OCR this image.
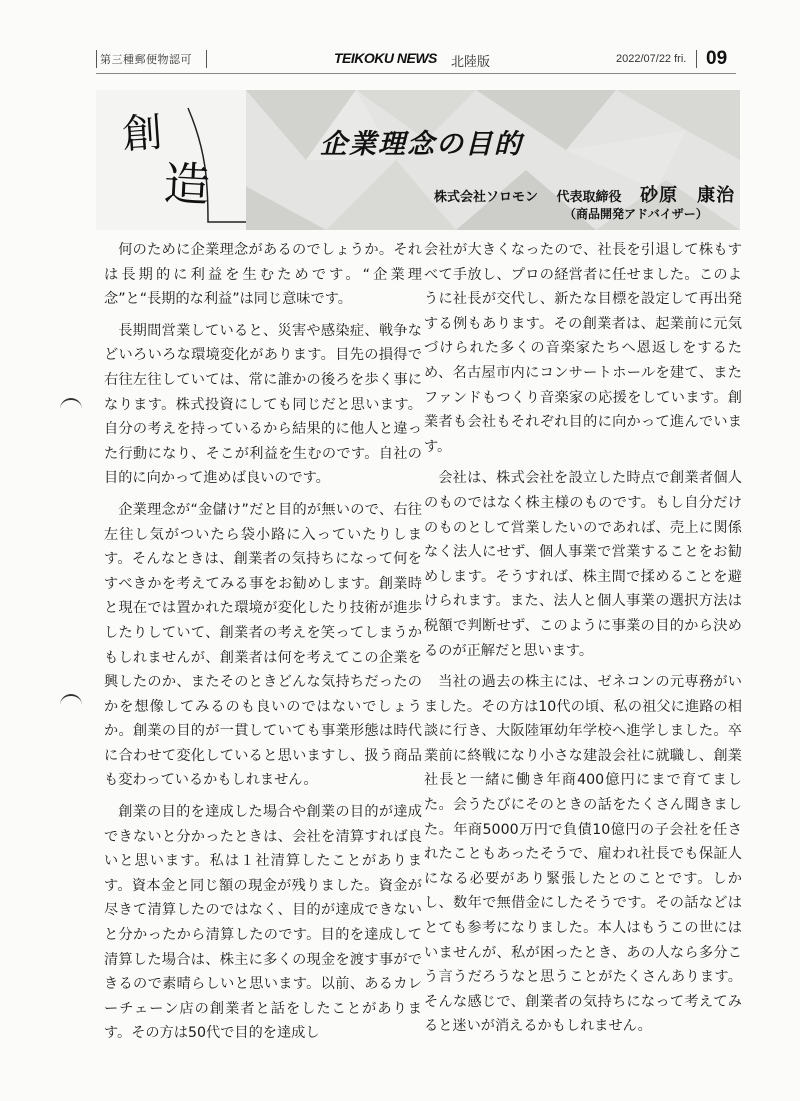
第三種郵便物認可	TEIKOKU NEWS 北陸版	2022/07/22 fri. 09
創
造
企業理念の目的
株式会社ソロモン 代表取締役 砂原　康治
（商品開発アドバイザー）

何のために企業理念があるのでしょうか。それは長期的に利益を生むためです。“企業理念”と“長期的な利益”は同じ意味です。

長期間営業していると、災害や感染症、戦争などいろいろな環境変化があります。目先の損得で右往左往していては、常に誰かの後ろを歩く事になります。株式投資にしても同じだと思います。自分の考えを持っているから結果的に他人と違った行動になり、そこが利益を生むのです。自社の目的に向かって進めば良いのです。

企業理念が“金儲け”だと目的が無いので、右往左往し気がついたら袋小路に入っていたりします。そんなときは、創業者の気持ちになって何をすべきかを考えてみる事をお勧めします。創業時と現在では置かれた環境が変化したり技術が進歩したりしていて、創業者の考えを笑ってしまうかもしれませんが、創業者は何を考えてこの企業を興したのか、またそのときどんな気持ちだったのかを想像してみるのも良いのではないでしょうか。創業の目的が一貫していても事業形態は時代に合わせて変化していると思いますし、扱う商品も変わっているかもしれません。

創業の目的を達成した場合や創業の目的が達成できないと分かったときは、会社を清算すれば良いと思います。私は１社清算したことがあります。資本金と同じ額の現金が残りました。資金が尽きて清算したのではなく、目的が達成できないと分かったから清算したのです。目的を達成して清算した場合は、株主に多くの現金を渡す事ができるので素晴らしいと思います。以前、あるカレーチェーン店の創業者と話をしたことがあります。その方は50代で目的を達成し

会社が大きくなったので、社長を引退して株もすべて手放し、プロの経営者に任せました。このように社長が交代し、新たな目標を設定して再出発する例もあります。その創業者は、起業前に元気づけられた多くの音楽家たちへ恩返しをするため、名古屋市内にコンサートホールを建て、またファンドもつくり音楽家の応援をしています。創業者も会社もそれぞれ目的に向かって進んでいます。

会社は、株式会社を設立した時点で創業者個人のものではなく株主様のものです。もし自分だけのものとして営業したいのであれば、売上に関係なく法人にせず、個人事業で営業することをお勧めします。そうすれば、株主間で揉めることを避けられます。また、法人と個人事業の選択方法は税額で判断せず、このように事業の目的から決めるのが正解だと思います。

当社の過去の株主には、ゼネコンの元専務がいました。その方は10代の頃、私の祖父に進路の相談に行き、大阪陸軍幼年学校へ進学しました。卒業前に終戦になり小さな建設会社に就職し、創業社長と一緒に働き年商400億円にまで育てました。会うたびにそのときの話をたくさん聞きました。年商5000万円で負債10億円の子会社を任されたこともあったそうで、雇われ社長でも保証人になる必要があり緊張したとのことです。しかし、数年で無借金にしたそうです。その話などはとても参考になりました。本人はもうこの世にはいませんが、私が困ったとき、あの人なら多分こう言うだろうなと思うことがたくさんあります。そんな感じで、創業者の気持ちになって考えてみると迷いが消えるかもしれません。
